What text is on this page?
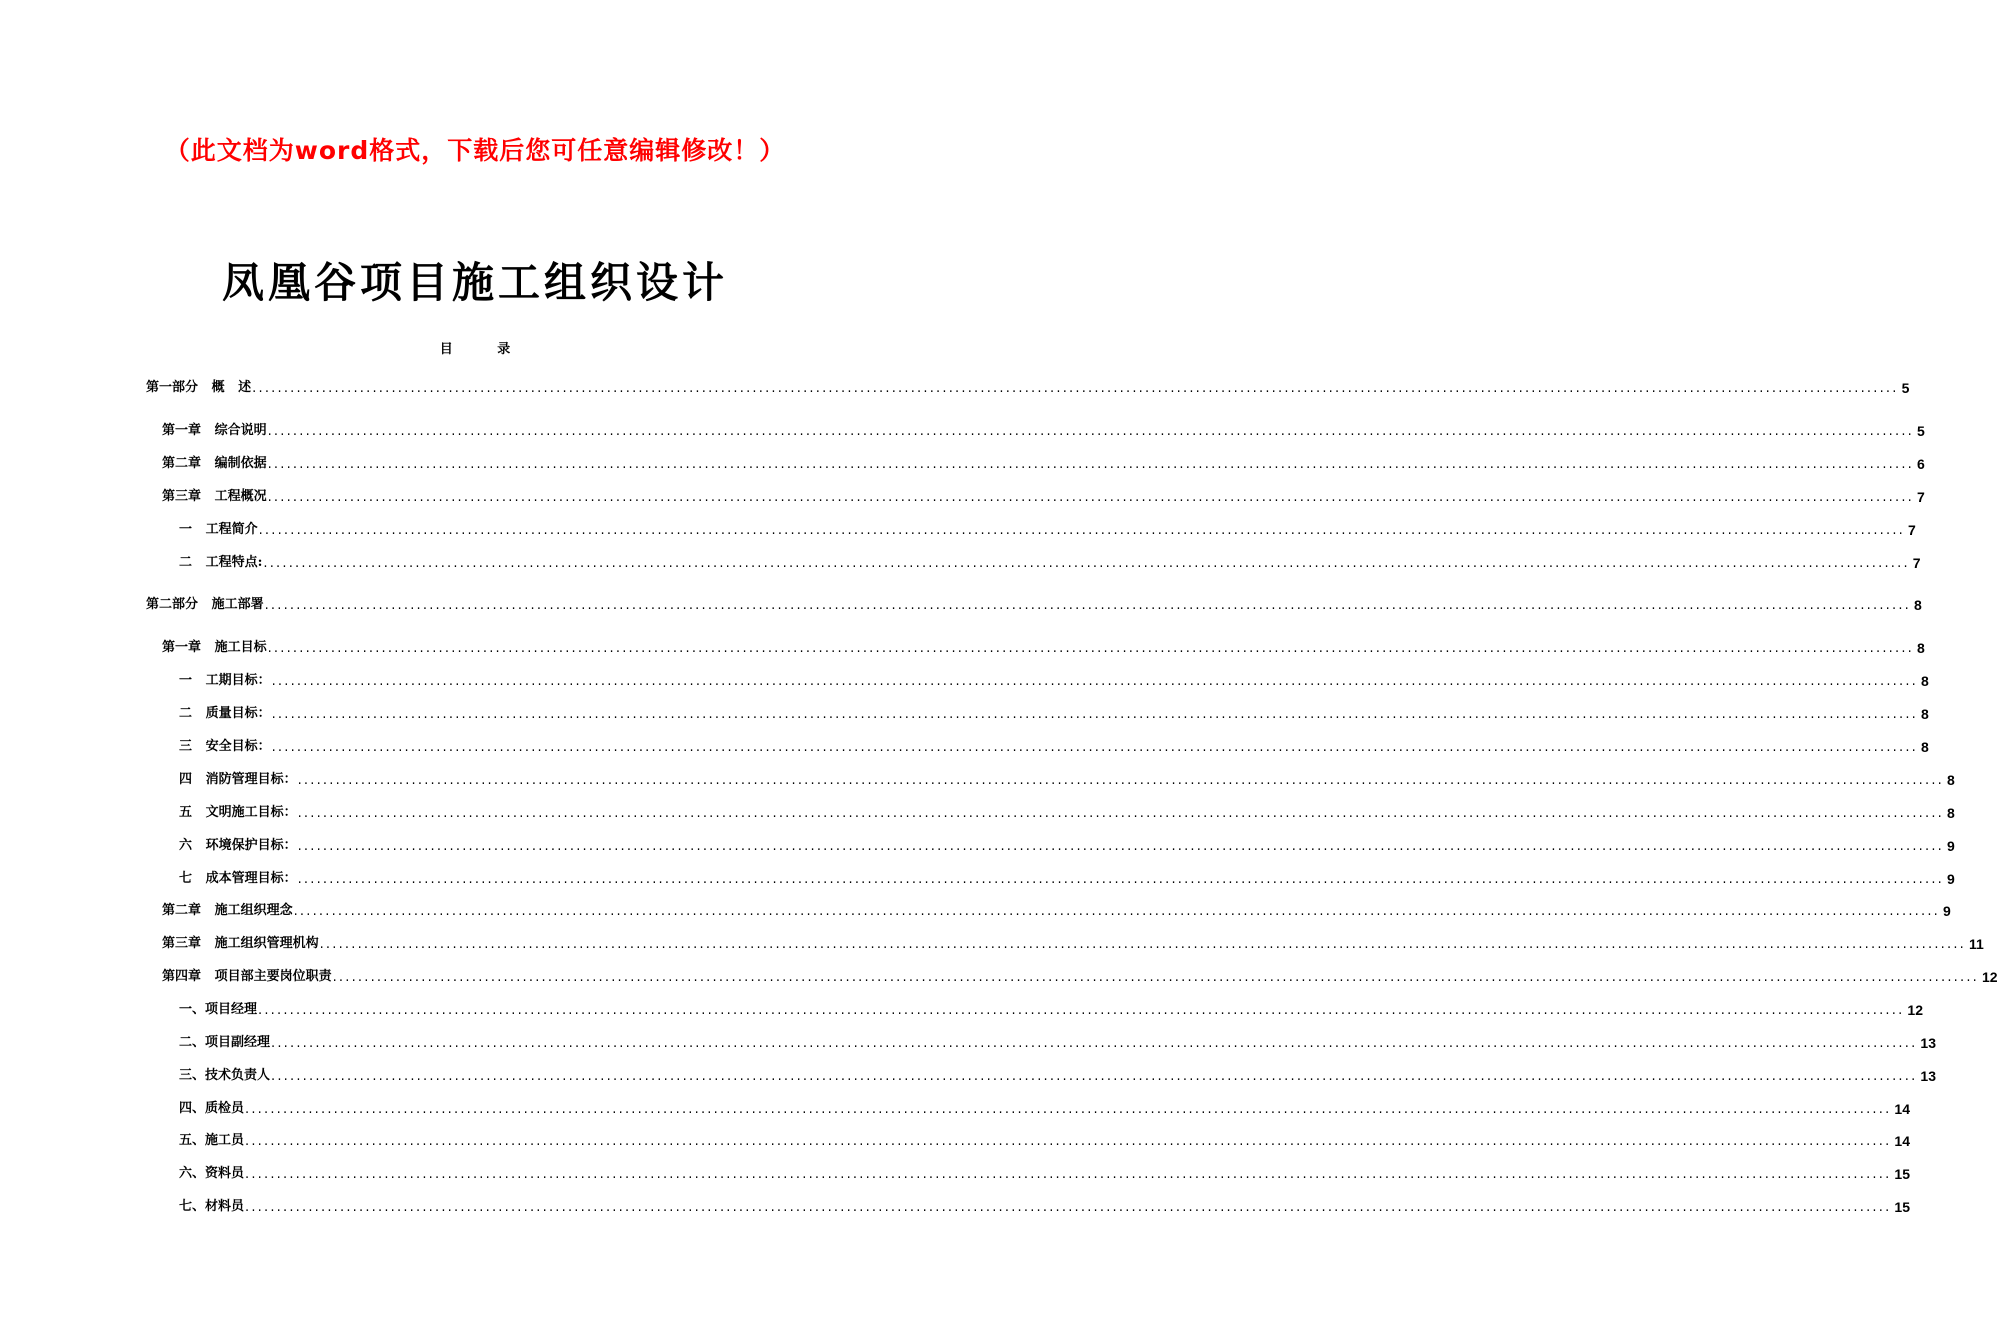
（此文档为word格式，下载后您可任意编辑修改！）
凤凰谷项目施工组织设计
目 录
第一部分   概   述 .................................................................................................................................................................................................................................................................... 5
第一章   综合说明 .................................................................................................................................................................................................................................................................... 5
第二章   编制依据 .................................................................................................................................................................................................................................................................... 6
第三章   工程概况 .................................................................................................................................................................................................................................................................... 7
一   工程简介 .................................................................................................................................................................................................................................................................... 7
二   工程特点: .................................................................................................................................................................................................................................................................... 7
第二部分   施工部署 .................................................................................................................................................................................................................................................................... 8
第一章   施工目标 .................................................................................................................................................................................................................................................................... 8
一   工期目标： .................................................................................................................................................................................................................................................................... 8
二   质量目标： .................................................................................................................................................................................................................................................................... 8
三   安全目标： .................................................................................................................................................................................................................................................................... 8
四   消防管理目标： .................................................................................................................................................................................................................................................................... 8
五   文明施工目标： .................................................................................................................................................................................................................................................................... 8
六   环境保护目标： .................................................................................................................................................................................................................................................................... 9
七   成本管理目标： .................................................................................................................................................................................................................................................................... 9
第二章   施工组织理念 .................................................................................................................................................................................................................................................................... 9
第三章   施工组织管理机构 .................................................................................................................................................................................................................................................................... 11
第四章   项目部主要岗位职责 .................................................................................................................................................................................................................................................................... 12
一、项目经理 .................................................................................................................................................................................................................................................................... 12
二、项目副经理 .................................................................................................................................................................................................................................................................... 13
三、技术负责人 .................................................................................................................................................................................................................................................................... 13
四、质检员 .................................................................................................................................................................................................................................................................... 14
五、施工员 .................................................................................................................................................................................................................................................................... 14
六、资料员 .................................................................................................................................................................................................................................................................... 15
七、材料员 .................................................................................................................................................................................................................................................................... 15
